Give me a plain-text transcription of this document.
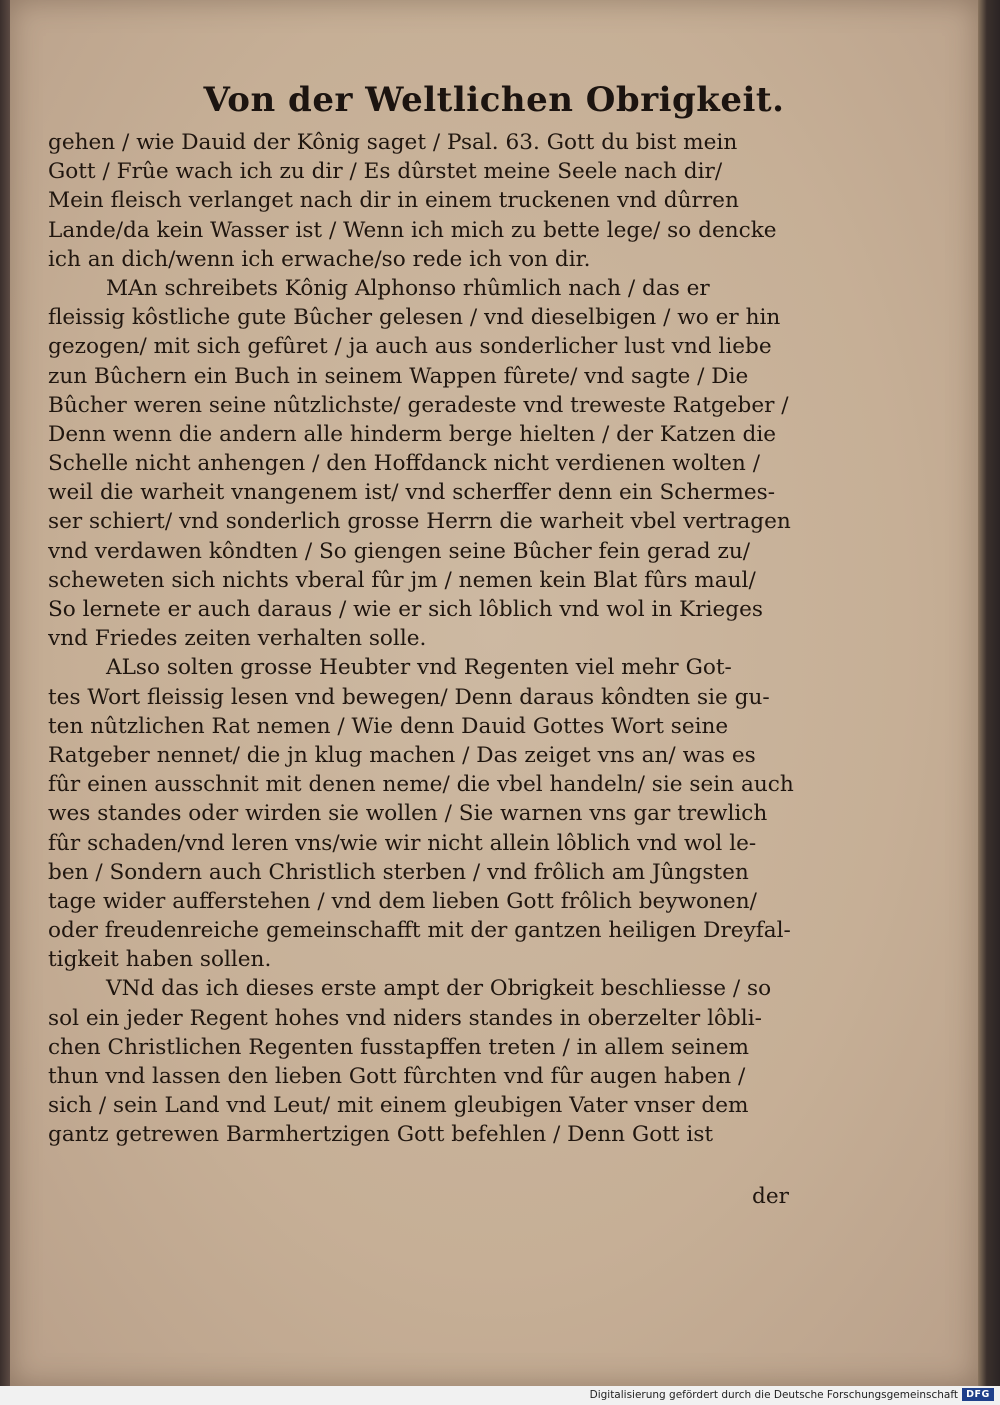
Von der Weltlichen Obrigkeit.
gehen / wie Dauid der Kônig saget / Psal. 63. Gott du bist mein
Gott / Frûe wach ich zu dir / Es dûrstet meine Seele nach dir/
Mein fleisch verlanget nach dir in einem truckenen vnd dûrren
Lande/da kein Wasser ist / Wenn ich mich zu bette lege/ so dencke
ich an dich/wenn ich erwache/so rede ich von dir.
MAn schreibets Kônig Alphonso rhûmlich nach / das er
fleissig kôstliche gute Bûcher gelesen / vnd dieselbigen / wo er hin
gezogen/ mit sich gefûret / ja auch aus sonderlicher lust vnd liebe
zun Bûchern ein Buch in seinem Wappen fûrete/ vnd sagte / Die
Bûcher weren seine nûtzlichste/ geradeste vnd treweste Ratgeber /
Denn wenn die andern alle hinderm berge hielten / der Katzen die
Schelle nicht anhengen / den Hoffdanck nicht verdienen wolten /
weil die warheit vnangenem ist/ vnd scherffer denn ein Schermes-
ser schiert/ vnd sonderlich grosse Herrn die warheit vbel vertragen
vnd verdawen kôndten / So giengen seine Bûcher fein gerad zu/
scheweten sich nichts vberal fûr jm / nemen kein Blat fûrs maul/
So lernete er auch daraus / wie er sich lôblich vnd wol in Krieges
vnd Friedes zeiten verhalten solle.
ALso solten grosse Heubter vnd Regenten viel mehr Got-
tes Wort fleissig lesen vnd bewegen/ Denn daraus kôndten sie gu-
ten nûtzlichen Rat nemen / Wie denn Dauid Gottes Wort seine
Ratgeber nennet/ die jn klug machen / Das zeiget vns an/ was es
fûr einen ausschnit mit denen neme/ die vbel handeln/ sie sein auch
wes standes oder wirden sie wollen / Sie warnen vns gar trewlich
fûr schaden/vnd leren vns/wie wir nicht allein lôblich vnd wol le-
ben / Sondern auch Christlich sterben / vnd frôlich am Jûngsten
tage wider aufferstehen / vnd dem lieben Gott frôlich beywonen/
oder freudenreiche gemeinschafft mit der gantzen heiligen Dreyfal-
tigkeit haben sollen.
VNd das ich dieses erste ampt der Obrigkeit beschliesse / so
sol ein jeder Regent hohes vnd niders standes in oberzelter lôbli-
chen Christlichen Regenten fusstapffen treten / in allem seinem
thun vnd lassen den lieben Gott fûrchten vnd fûr augen haben /
sich / sein Land vnd Leut/ mit einem gleubigen Vater vnser dem
gantz getrewen Barmhertzigen Gott befehlen / Denn Gott ist
der
Digitalisierung gefördert durch die Deutsche Forschungsgemeinschaft DFG
